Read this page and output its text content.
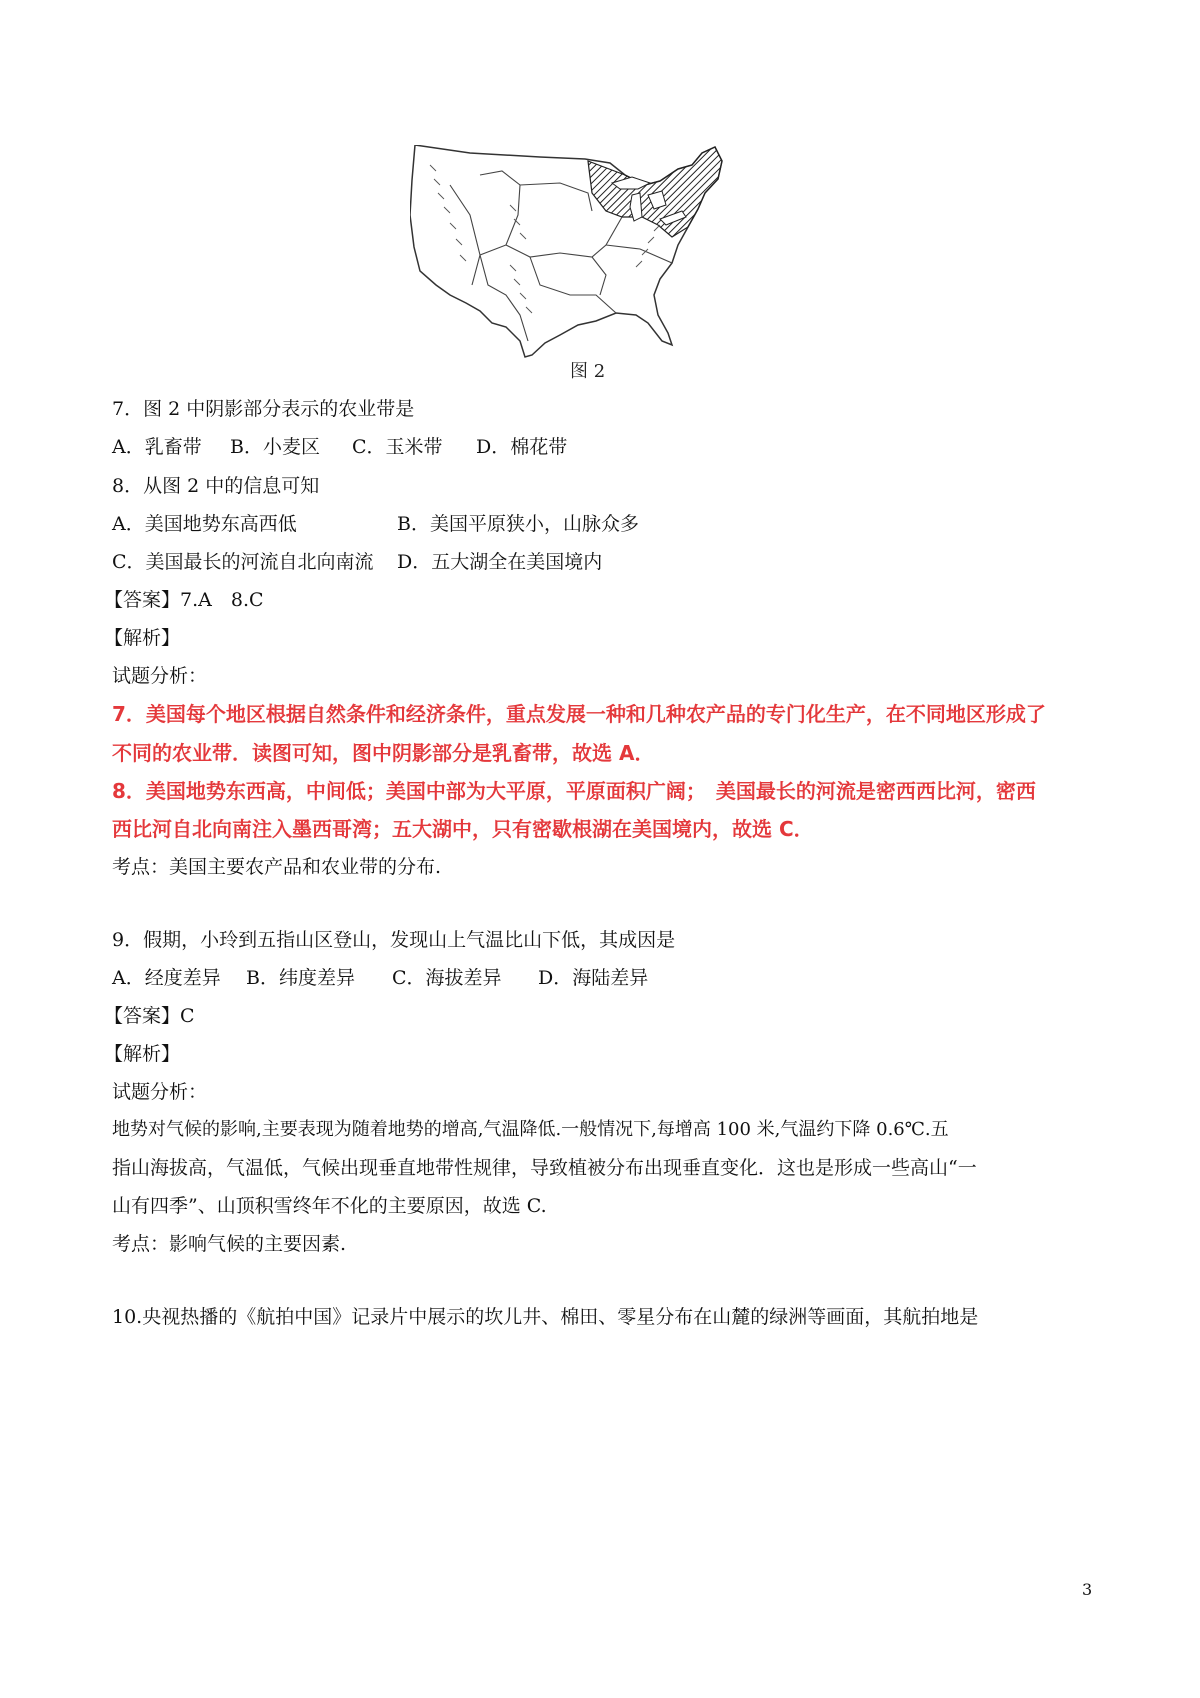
图 2
7．图 2 中阴影部分表示的农业带是
A．乳畜带 B．小麦区 C．玉米带 D．棉花带
8．从图 2 中的信息可知
A．美国地势东高西低	B．美国平原狭小，山脉众多
C．美国最长的河流自北向南流 D．五大湖全在美国境内
【答案】7.A　8.C
【解析】
试题分析：
7．美国每个地区根据自然条件和经济条件，重点发展一种和几种农产品的专门化生产，在不同地区形成了
不同的农业带．读图可知，图中阴影部分是乳畜带，故选 A．
8．美国地势东西高，中间低；美国中部为大平原，平原面积广阔；　美国最长的河流是密西西比河，密西
西比河自北向南注入墨西哥湾；五大湖中，只有密歇根湖在美国境内，故选 C．
考点：美国主要农产品和农业带的分布.
9．假期，小玲到五指山区登山，发现山上气温比山下低，其成因是
A．经度差异 B．纬度差异 C．海拔差异 D．海陆差异
【答案】C
【解析】
试题分析：
地势对气候的影响,主要表现为随着地势的增高,气温降低.一般情况下,每增高 100 米,气温约下降 0.6℃.五
指山海拔高，气温低，气候出现垂直地带性规律，导致植被分布出现垂直变化．这也是形成一些高山“一
山有四季”、山顶积雪终年不化的主要原因，故选 C.
考点：影响气候的主要因素.
10.央视热播的《航拍中国》记录片中展示的坎儿井、棉田、零星分布在山麓的绿洲等画面，其航拍地是
3
